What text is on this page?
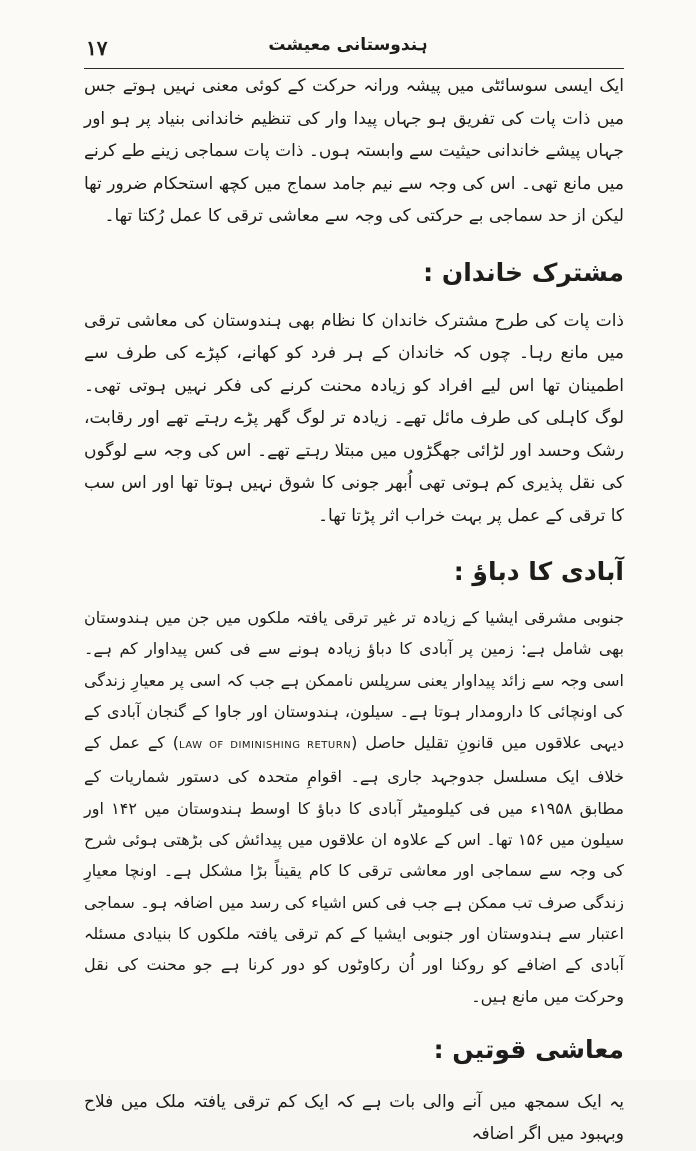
۱۷	ہندوستانی معیشت

ایک ایسی سوسائٹی میں پیشہ ورانہ حرکت کے کوئی معنی نہیں ہوتے جس میں ذات پات کی تفریق ہو جہاں پیدا وار کی تنظیم خاندانی بنیاد پر ہو اور جہاں پیشے خاندانی حیثیت سے وابستہ ہوں۔ ذات پات سماجی زینے طے کرنے میں مانع تھی۔ اس کی وجہ سے نیم جامد سماج میں کچھ استحکام ضرور تھا لیکن از حد سماجی بے حرکتی کی وجہ سے معاشی ترقی کا عمل رُکتا تھا۔

مشترک خاندان :

ذات پات کی طرح مشترک خاندان کا نظام بھی ہندوستان کی معاشی ترقی میں مانع رہا۔ چوں کہ خاندان کے ہر فرد کو کھانے، کپڑے کی طرف سے اطمینان تھا اس لیے افراد کو زیادہ محنت کرنے کی فکر نہیں ہوتی تھی۔ لوگ کاہلی کی طرف مائل تھے۔ زیادہ تر لوگ گھر پڑے رہتے تھے اور رقابت، رشک وحسد اور لڑائی جھگڑوں میں مبتلا رہتے تھے۔ اس کی وجہ سے لوگوں کی نقل پذیری کم ہوتی تھی اُبھر جونی کا شوق نہیں ہوتا تھا اور اس سب کا ترقی کے عمل پر بہت خراب اثر پڑتا تھا۔

آبادی کا دباؤ :

جنوبی مشرقی ایشیا کے زیادہ تر غیر ترقی یافتہ ملکوں میں جن میں ہندوستان بھی شامل ہے: زمین پر آبادی کا دباؤ زیادہ ہونے سے فی کس پیداوار کم ہے۔ اسی وجہ سے زائد پیداوار یعنی سرپلس ناممکن ہے جب کہ اسی پر معیارِ زندگی کی اونچائی کا دارومدار ہوتا ہے۔ سیلون، ہندوستان اور جاوا کے گنجان آبادی کے دیہی علاقوں میں قانونِ تقلیل حاصل (LAW OF DIMINISHING RETURN) کے عمل کے خلاف ایک مسلسل جدوجہد جاری ہے۔ اقوامِ متحدہ کی دستور شماریات کے مطابق ۱۹۵۸ء میں فی کیلومیٹر آبادی کا دباؤ کا اوسط ہندوستان میں ۱۴۲ اور سیلون میں ۱۵۶ تھا۔ اس کے علاوہ ان علاقوں میں پیدائش کی بڑھتی ہوئی شرح کی وجہ سے سماجی اور معاشی ترقی کا کام یقیناً بڑا مشکل ہے۔ اونچا معیارِ زندگی صرف تب ممکن ہے جب فی کس اشیاء کی رسد میں اضافہ ہو۔ سماجی اعتبار سے ہندوستان اور جنوبی ایشیا کے کم ترقی یافتہ ملکوں کا بنیادی مسئلہ آبادی کے اضافے کو روکنا اور اُن رکاوٹوں کو دور کرنا ہے جو محنت کی نقل وحرکت میں مانع ہیں۔

معاشی قوتیں :

یہ ایک سمجھ میں آنے والی بات ہے کہ ایک کم ترقی یافتہ ملک میں فلاح وبہبود میں اگر اضافہ
